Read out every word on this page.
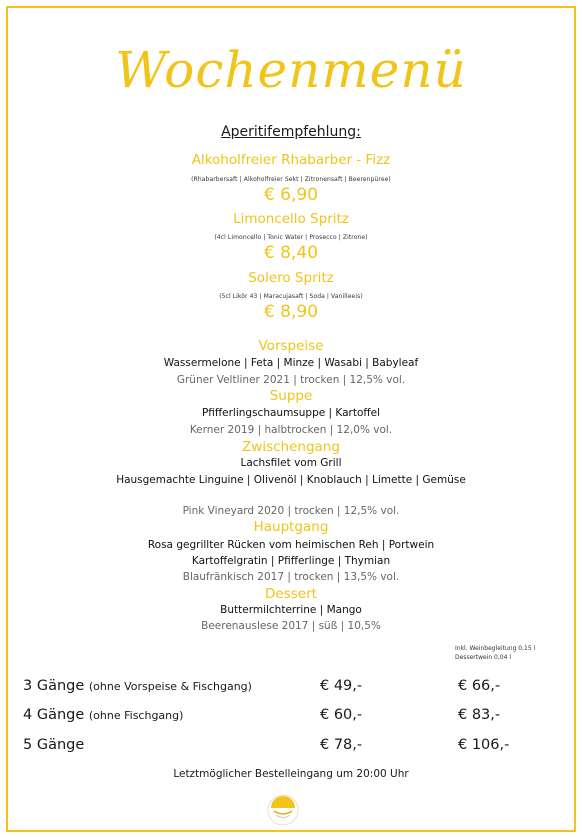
Wochenmenü
Aperitifempfehlung:
Alkoholfreier Rhabarber - Fizz
(Rhabarbersaft | Alkoholfreier Sekt | Zitronensaft | Beerenpüree)
€ 6,90
Limoncello Spritz
(4cl Limoncello | Tonic Water | Prosecco | Zitrone)
€ 8,40
Solero Spritz
(5cl Likör 43 | Maracujasaft | Soda | Vanilleeis)
€ 8,90
Vorspeise
Wassermelone | Feta | Minze | Wasabi | Babyleaf
Grüner Veltliner 2021 | trocken | 12,5% vol.
Suppe
Pfifferlingschaumsuppe | Kartoffel
Kerner 2019 | halbtrocken | 12,0% vol.
Zwischengang
Lachsfilet vom Grill
Hausgemachte Linguine | Olivenöl | Knoblauch | Limette | Gemüse
Pink Vineyard 2020 | trocken | 12,5% vol.
Hauptgang
Rosa gegrillter Rücken vom heimischen Reh | Portwein
Kartoffelgratin | Pfifferlinge | Thymian
Blaufränkisch 2017 | trocken | 13,5% vol.
Dessert
Buttermilchterrine | Mango
Beerenauslese 2017 | süß | 10,5%
Inkl. Weinbegleitung 0,15 l
Dessertwein 0,04 l
3 Gänge (ohne Vorspeise & Fischgang)	€ 49,-	€ 66,-
4 Gänge (ohne Fischgang)	€ 60,-	€ 83,-
5 Gänge	€ 78,-	€ 106,-
Letztmöglicher Bestelleingang um 20:00 Uhr
